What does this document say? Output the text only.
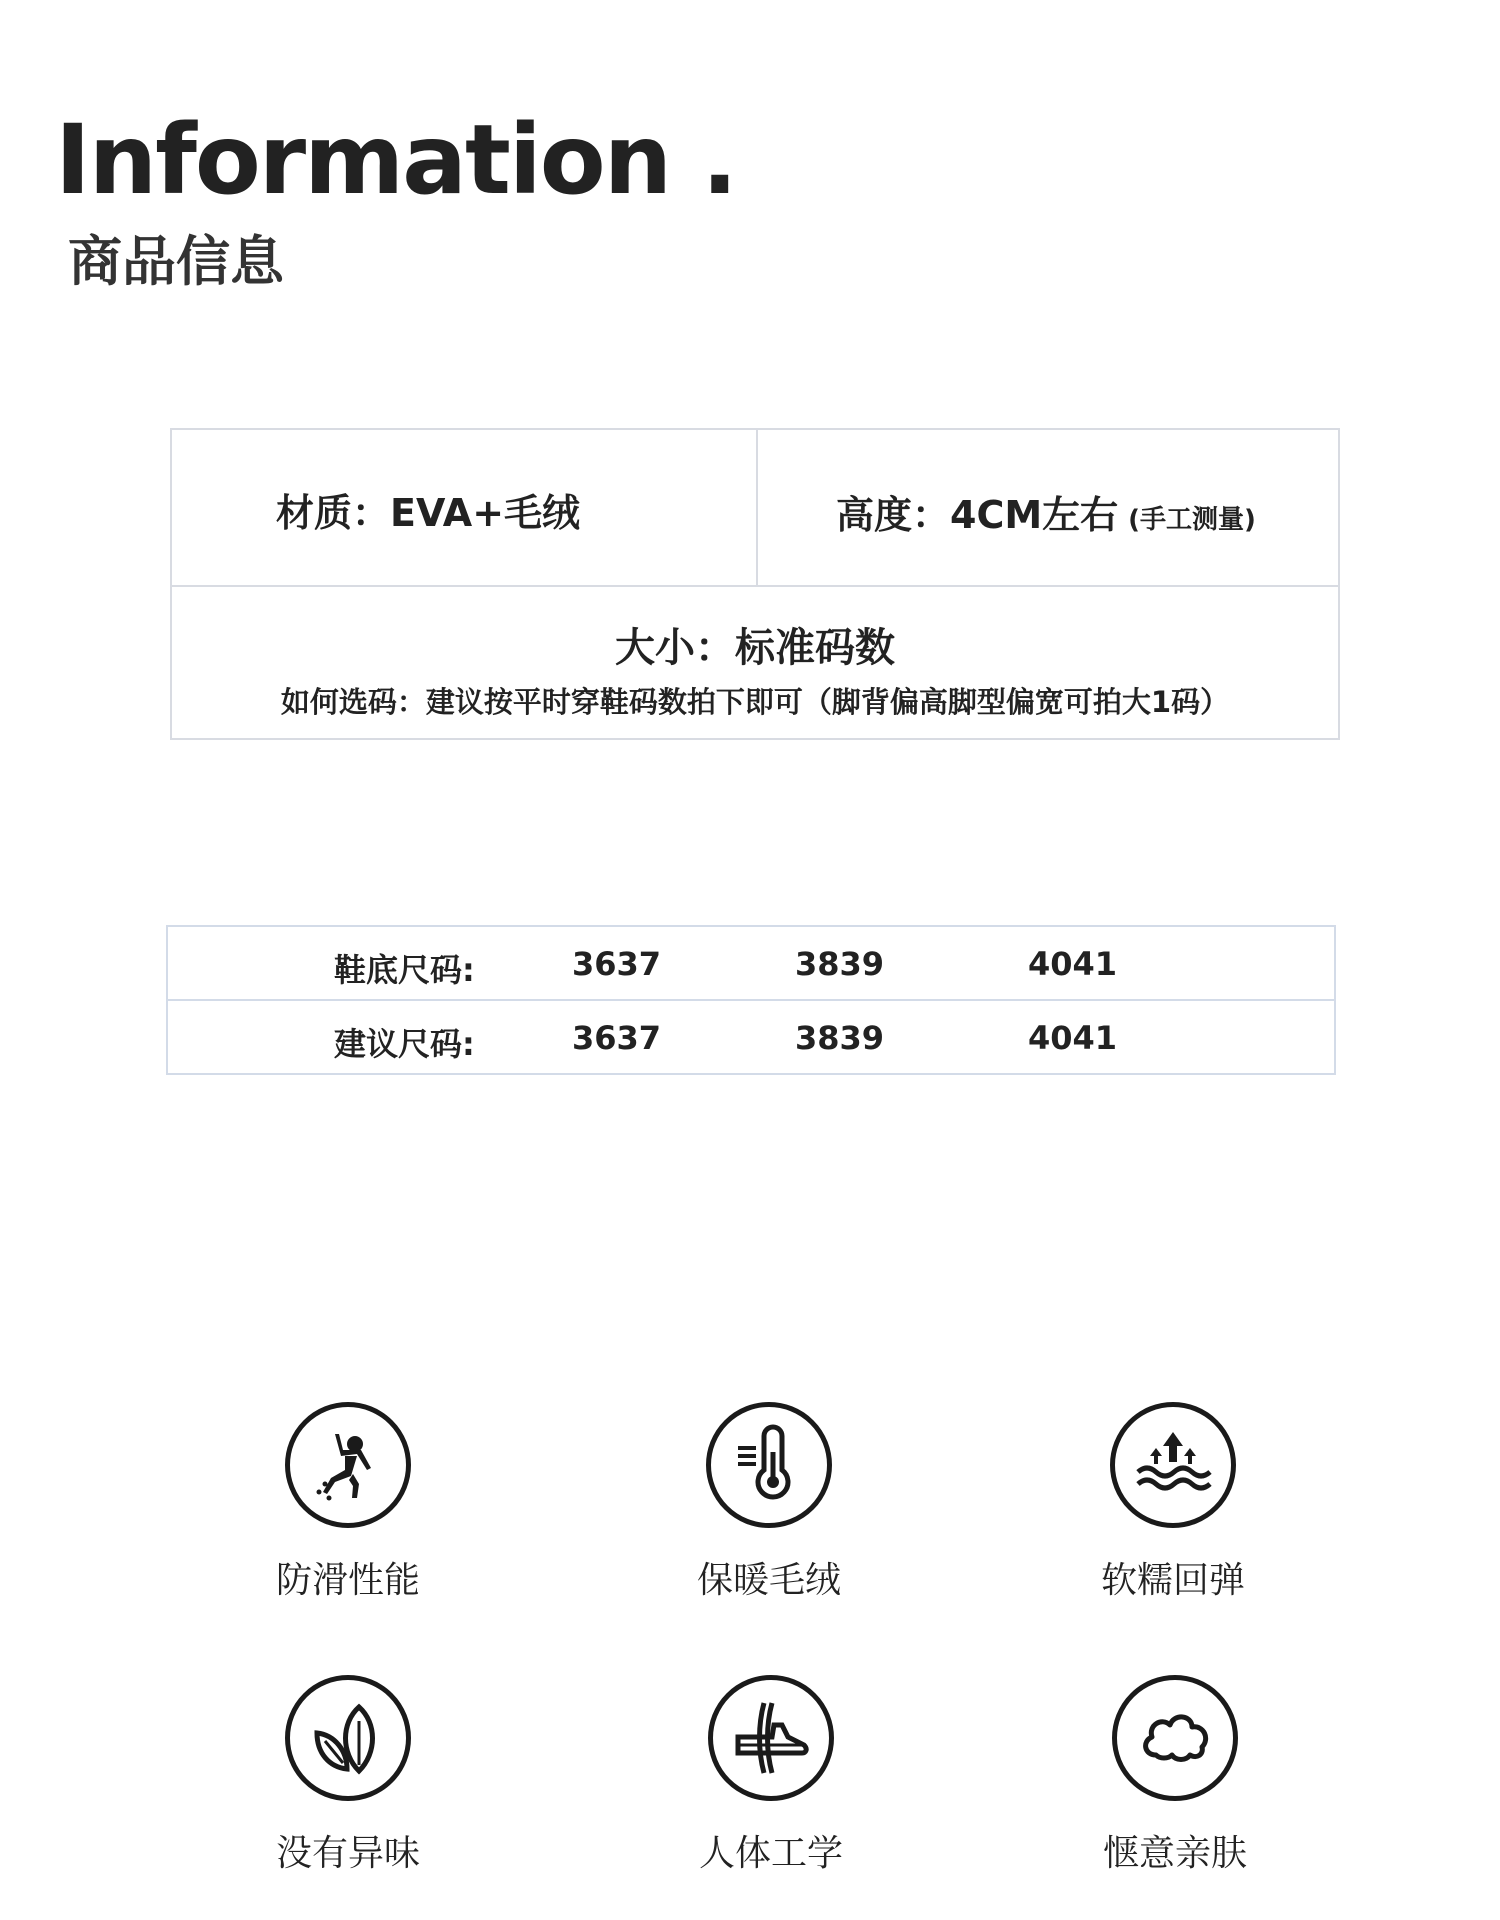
Information .
商品信息
材质：EVA+毛绒	高度：4CM左右 (手工测量)
大小：标准码数
如何选码：建议按平时穿鞋码数拍下即可（脚背偏高脚型偏宽可拍大1码）
鞋底尺码:	3637	3839	4041
建议尺码:	3637	3839	4041
防滑性能	保暖毛绒	软糯回弹
没有异味	人体工学	惬意亲肤
